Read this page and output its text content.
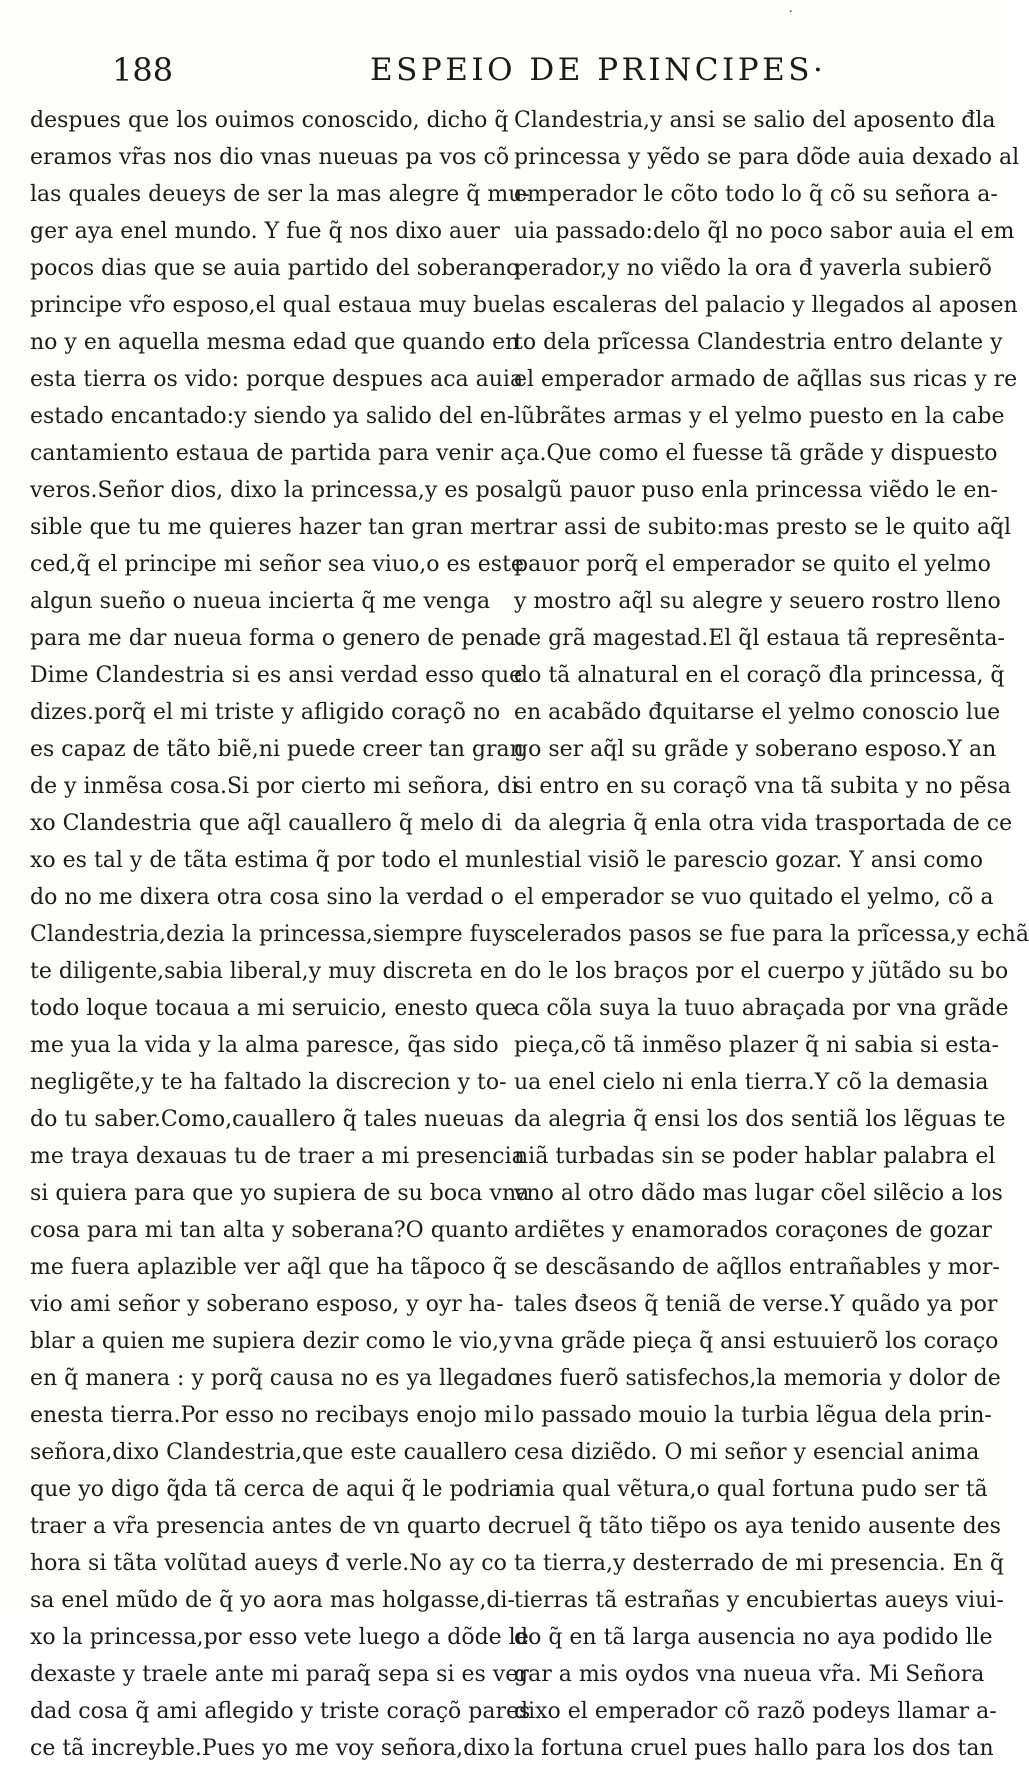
·
188	ESPEIO DE PRINCIPES·
despues que los ouimos conoscido, dicho q̃
eramos vr̃as nos dio vnas nueuas pa vos cõ
las quales deueys de ser la mas alegre q̃ mu-
ger aya enel mundo. Y fue q̃ nos dixo auer
pocos dias que se auia partido del soberano
principe vr̃o esposo,el qual estaua muy bue
no y en aquella mesma edad que quando en
esta tierra os vido: porque despues aca auia
estado encantado:y siendo ya salido del en-
cantamiento estaua de partida para venir a
veros.Señor dios, dixo la princessa,y es pos
sible que tu me quieres hazer tan gran mer
ced,q̃ el principe mi señor sea viuo,o es este
algun sueño o nueua incierta q̃ me venga
para me dar nueua forma o genero de pena.
Dime Clandestria si es ansi verdad esso que
dizes.porq̃ el mi triste y afligido coraçõ no
es capaz de tãto biẽ,ni puede creer tan gran
de y inmẽsa cosa.Si por cierto mi señora, di
xo Clandestria que aq̃l cauallero q̃ melo di
xo es tal y de tãta estima q̃ por todo el mun
do no me dixera otra cosa sino la verdad o
Clandestria,dezia la princessa,siempre fuys
te diligente,sabia liberal,y muy discreta en
todo loque tocaua a mi seruicio, enesto que
me yua la vida y la alma paresce, q̃as sido
negligẽte,y te ha faltado la discrecion y to-
do tu saber.Como,cauallero q̃ tales nueuas
me traya dexauas tu de traer a mi presencia
si quiera para que yo supiera de su boca vna
cosa para mi tan alta y soberana?O quanto
me fuera aplazible ver aq̃l que ha tãpoco q̃
vio ami señor y soberano esposo, y oyr ha-
blar a quien me supiera dezir como le vio,y
en q̃ manera : y porq̃ causa no es ya llegado
enesta tierra.Por esso no recibays enojo mi
señora,dixo Clandestria,que este cauallero
que yo digo q̃da tã cerca de aqui q̃ le podria
traer a vr̃a presencia antes de vn quarto de
hora si tãta volũtad aueys đ verle.No ay co
sa enel mũdo de q̃ yo aora mas holgasse,di-
xo la princessa,por esso vete luego a dõde le
dexaste y traele ante mi paraq̃ sepa si es ver
dad cosa q̃ ami aflegido y triste coraçõ pares
ce tã increyble.Pues yo me voy señora,dixo
Clandestria,y ansi se salio del aposento đla
princessa y yẽdo se para dõde auia dexado al
emperador le cõto todo lo q̃ cõ su señora a-
uia passado:delo q̃l no poco sabor auia el em
perador,y no viẽdo la ora đ yaverla subierõ
las escaleras del palacio y llegados al aposen
to dela prĩcessa Clandestria entro delante y
el emperador armado de aq̃llas sus ricas y re
lũbrãtes armas y el yelmo puesto en la cabe
ça.Que como el fuesse tã grãde y dispuesto
algũ pauor puso enla princessa viẽdo le en-
trar assi de subito:mas presto se le quito aq̃l
pauor porq̃ el emperador se quito el yelmo
y mostro aq̃l su alegre y seuero rostro lleno
de grã magestad.El q̃l estaua tã represẽnta-
do tã alnatural en el coraçõ đla princessa, q̃
en acabãdo đquitarse el yelmo conoscio lue
go ser aq̃l su grãde y soberano esposo.Y an
si entro en su coraçõ vna tã subita y no pẽsa
da alegria q̃ enla otra vida trasportada de ce
lestial visiõ le parescio gozar. Y ansi como
el emperador se vuo quitado el yelmo, cõ a
celerados pasos se fue para la prĩcessa,y echã
do le los braços por el cuerpo y jũtãdo su bo
ca cõla suya la tuuo abraçada por vna grãde
pieça,cõ tã inmẽso plazer q̃ ni sabia si esta-
ua enel cielo ni enla tierra.Y cõ la demasia
da alegria q̃ ensi los dos sentiã los lẽguas te
niã turbadas sin se poder hablar palabra el
vno al otro dãdo mas lugar cõel silẽcio a los
ardiẽtes y enamorados coraçones de gozar
se descãsando de aq̃llos entrañables y mor-
tales đseos q̃ teniã de verse.Y quãdo ya por
vna grãde pieça q̃ ansi estuuierõ los coraço
nes fuerõ satisfechos,la memoria y dolor de
lo passado mouio la turbia lẽgua dela prin-
cesa diziẽdo. O mi señor y esencial anima
mia qual vẽtura,o qual fortuna pudo ser tã
cruel q̃ tãto tiẽpo os aya tenido ausente des
ta tierra,y desterrado de mi presencia. En q̃
tierras tã estrañas y encubiertas aueys viui-
do q̃ en tã larga ausencia no aya podido lle
gar a mis oydos vna nueua vr̃a. Mi Señora
dixo el emperador cõ razõ podeys llamar a-
la fortuna cruel pues hallo para los dos tan
